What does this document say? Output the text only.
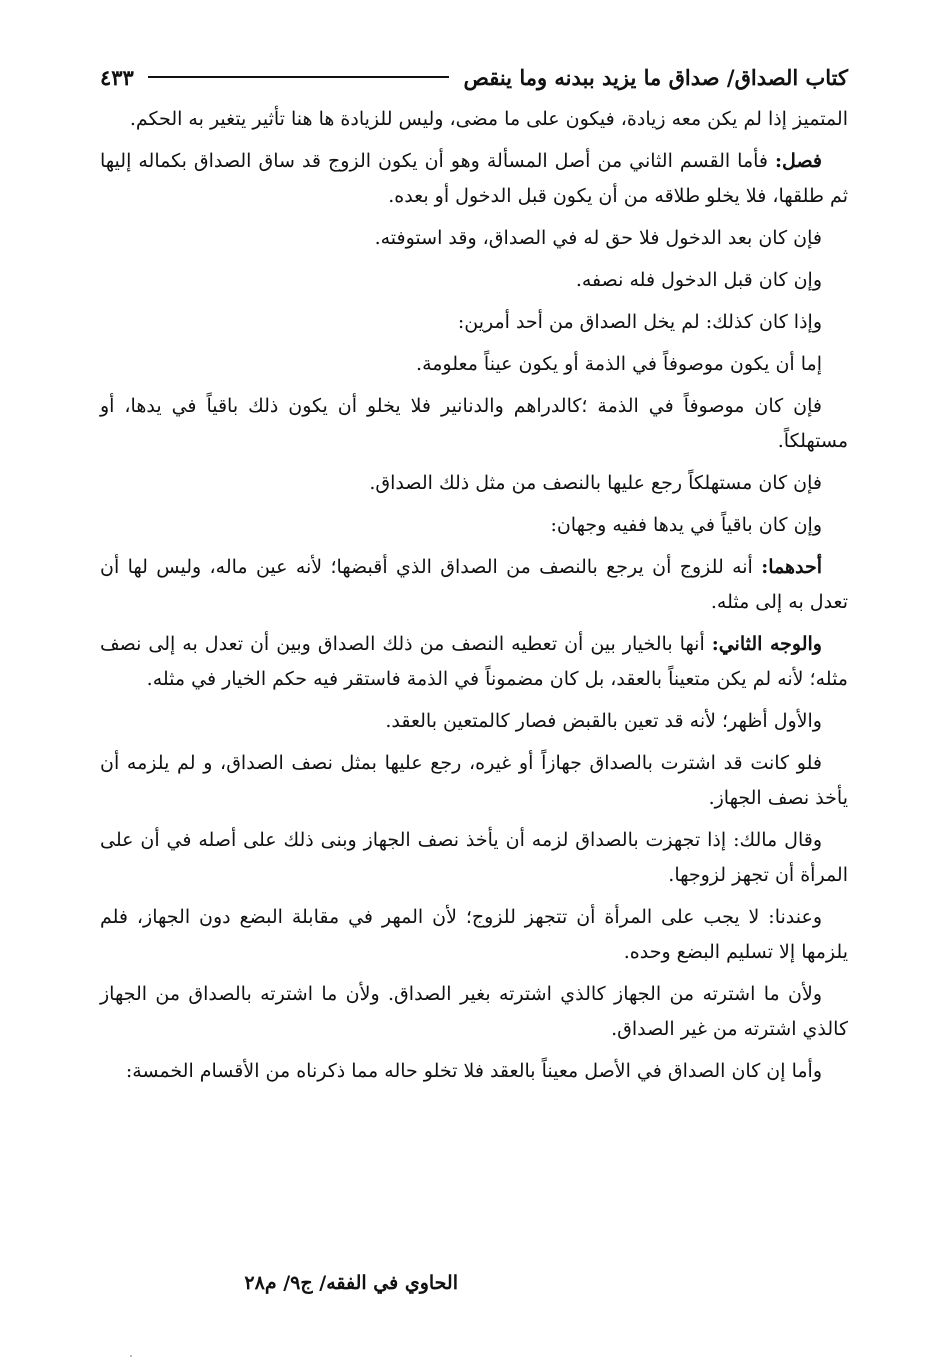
كتاب الصداق/ صداق ما يزيد ببدنه وما ينقص
٤٣٣

المتميز إذا لم يكن معه زيادة، فيكون على ما مضى، وليس للزيادة ها هنا تأثير يتغير به الحكم.

فصل: فأما القسم الثاني من أصل المسألة وهو أن يكون الزوج قد ساق الصداق بكماله إليها ثم طلقها، فلا يخلو طلاقه من أن يكون قبل الدخول أو بعده.

فإن كان بعد الدخول فلا حق له في الصداق، وقد استوفته.

وإن كان قبل الدخول فله نصفه.

وإذا كان كذلك: لم يخل الصداق من أحد أمرين:

إما أن يكون موصوفاً في الذمة أو يكون عيناً معلومة.

فإن كان موصوفاً في الذمة ؛كالدراهم والدنانير فلا يخلو أن يكون ذلك باقياً في يدها، أو مستهلكاً.

فإن كان مستهلكاً رجع عليها بالنصف من مثل ذلك الصداق.

وإن كان باقياً في يدها ففيه وجهان:

أحدهما: أنه للزوج أن يرجع بالنصف من الصداق الذي أقبضها؛ لأنه عين ماله، وليس لها أن تعدل به إلى مثله.

والوجه الثاني: أنها بالخيار بين أن تعطيه النصف من ذلك الصداق وبين أن تعدل به إلى نصف مثله؛ لأنه لم يكن متعيناً بالعقد، بل كان مضموناً في الذمة فاستقر فيه حكم الخيار في مثله.

والأول أظهر؛ لأنه قد تعين بالقبض فصار كالمتعين بالعقد.

فلو كانت قد اشترت بالصداق جهازاً أو غيره، رجع عليها بمثل نصف الصداق، و لم يلزمه أن يأخذ نصف الجهاز.

وقال مالك: إذا تجهزت بالصداق لزمه أن يأخذ نصف الجهاز وبنى ذلك على أصله في أن على المرأة أن تجهز لزوجها.

وعندنا: لا يجب على المرأة أن تتجهز للزوج؛ لأن المهر في مقابلة البضع دون الجهاز، فلم يلزمها إلا تسليم البضع وحده.

ولأن ما اشترته من الجهاز كالذي اشترته بغير الصداق. ولأن ما اشترته بالصداق من الجهاز كالذي اشترته من غير الصداق.

وأما إن كان الصداق في الأصل معيناً بالعقد فلا تخلو حاله مما ذكرناه من الأقسام الخمسة:

الحاوي في الفقه/ ج٩/ م٢٨
